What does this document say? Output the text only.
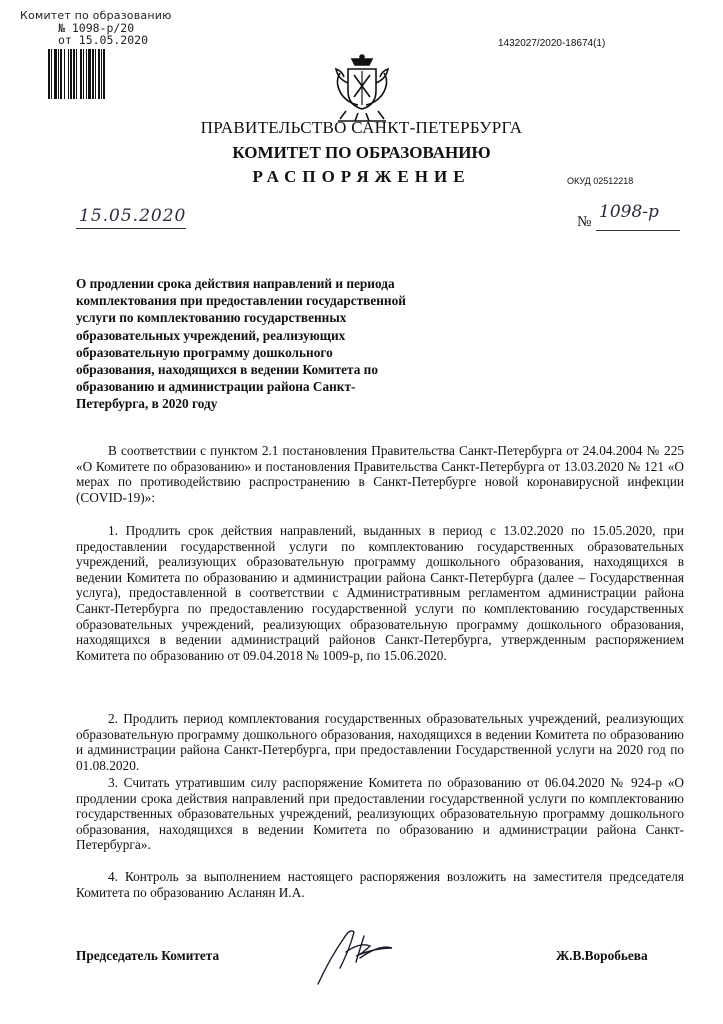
Комитет по образованию
№ 1098-р/20
от 15.05.2020	1432027/2020-18674(1)
ПРАВИТЕЛЬСТВО САНКТ-ПЕТЕРБУРГА
КОМИТЕТ ПО ОБРАЗОВАНИЮ
РАСПОРЯЖЕНИЕ	ОКУД 02512218
15.05.2020	№ 1098-р
О продлении срока действия направлений и периода комплектования при предоставлении государственной услуги по комплектованию государственных образовательных учреждений, реализующих образовательную программу дошкольного образования, находящихся в ведении Комитета по образованию и администрации района Санкт-Петербурга, в 2020 году

В соответствии с пунктом 2.1 постановления Правительства Санкт-Петербурга от 24.04.2004 № 225 «О Комитете по образованию» и постановления Правительства Санкт-Петербурга от 13.03.2020 № 121 «О мерах по противодействию распространению в Санкт-Петербурге новой коронавирусной инфекции (COVID-19)»:

1. Продлить срок действия направлений, выданных в период с 13.02.2020 по 15.05.2020, при предоставлении государственной услуги по комплектованию государственных образовательных учреждений, реализующих образовательную программу дошкольного образования, находящихся в ведении Комитета по образованию и администрации района Санкт-Петербурга (далее – Государственная услуга), предоставленной в соответствии с Административным регламентом администрации района Санкт-Петербурга по предоставлению государственной услуги по комплектованию государственных образовательных учреждений, реализующих образовательную программу дошкольного образования, находящихся в ведении администраций районов Санкт-Петербурга, утвержденным распоряжением Комитета по образованию от 09.04.2018 № 1009-р, по 15.06.2020.

2. Продлить период комплектования государственных образовательных учреждений, реализующих образовательную программу дошкольного образования, находящихся в ведении Комитета по образованию и администрации района Санкт-Петербурга, при предоставлении Государственной услуги на 2020 год по 01.08.2020.

3. Считать утратившим силу распоряжение Комитета по образованию от 06.04.2020 № 924-р «О продлении срока действия направлений при предоставлении государственной услуги по комплектованию государственных образовательных учреждений, реализующих образовательную программу дошкольного образования, находящихся в ведении Комитета по образованию и администрации района Санкт-Петербурга».

4. Контроль за выполнением настоящего распоряжения возложить на заместителя председателя Комитета по образованию Асланян И.А.

Председатель Комитета	Ж.В.Воробьева
